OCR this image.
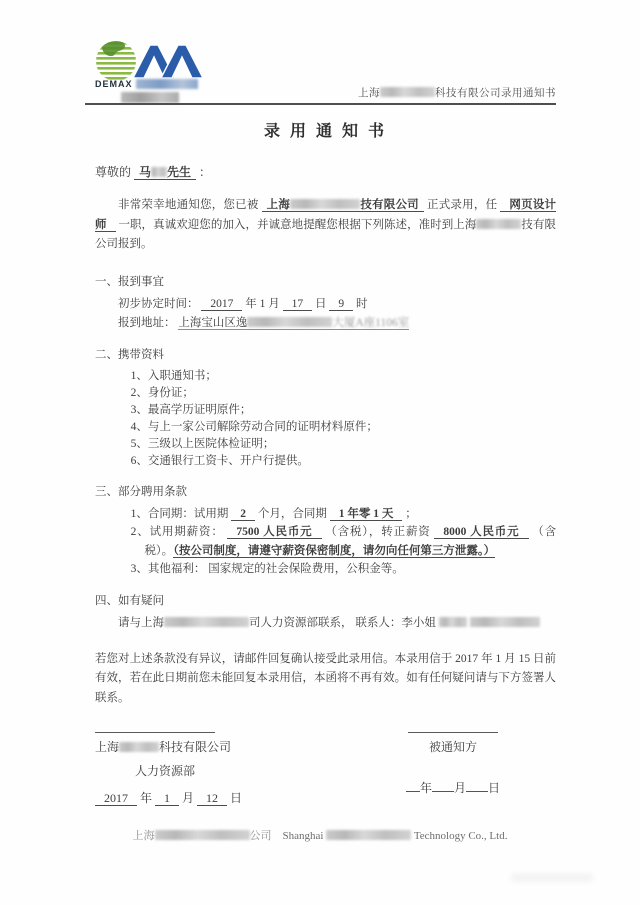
DEMAX
上海	科技有限公司录用通知书
录 用 通 知 书
尊敬的 马 先生 ：

非常荣幸地通知您，您已被 上海	技有限公司 正式录用，任 网页设计师 一职，真诚欢迎您的加入，并诚意地提醒您根据下列陈述，准时到上海	技有限公司报到。

一、报到事宜
初步协定时间： 2017 年 1 月 17 日 9 时
报到地址： 上海宝山区逸	大厦A座1106室
二、携带资料
1、入职通知书；
2、身份证；
3、最高学历证明原件；
4、与上一家公司解除劳动合同的证明材料原件；
5、三级以上医院体检证明；
6、交通银行工资卡、开户行提供。
三、部分聘用条款
1、合同期：试用期 2 个月，合同期 1 年零 1 天 ；
2、试用期薪资： 7500 人民币元 （含税），转正薪资 8000 人民币元 （含税）。（按公司制度，请遵守薪资保密制度，请勿向任何第三方泄露。）
3、其他福利： 国家规定的社会保险费用，公积金等。
四、如有疑问
请与上海	司人力资源部联系， 联系人：李小姐

若您对上述条款没有异议，请邮件回复确认接受此录用信。本录用信于 2017 年 1 月 15 日前有效，若在此日期前您未能回复本录用信，本函将不再有效。如有任何疑问请与下方签署人联系。

上海	科技有限公司
人力资源部
2017 年 1 月 12 日
被通知方
年 月 日
上海	公司 Shanghai	Technology Co., Ltd.
